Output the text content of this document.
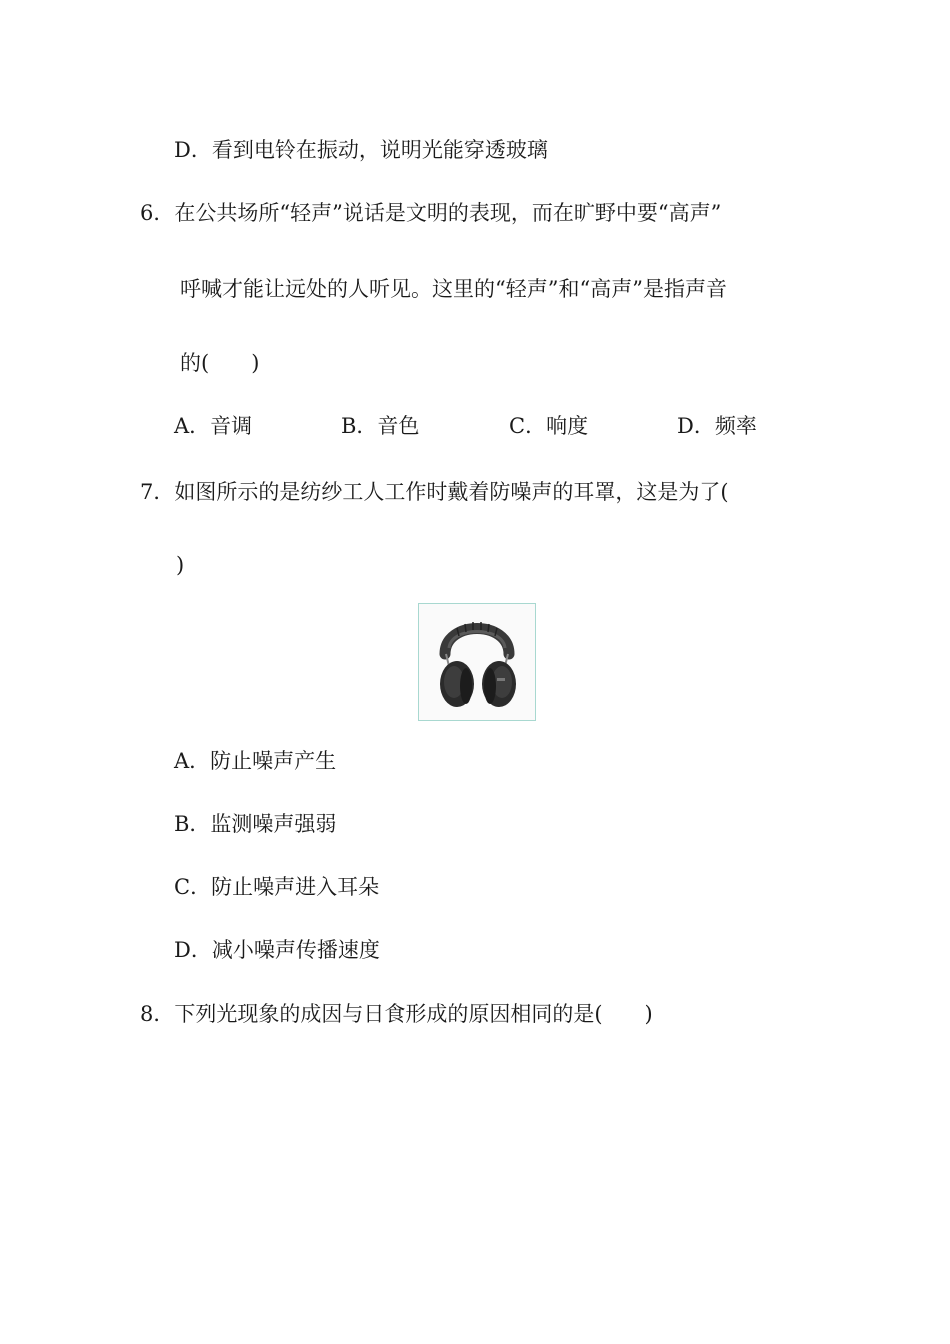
D．看到电铃在振动，说明光能穿透玻璃
6．在公共场所“轻声”说话是文明的表现，而在旷野中要“高声”
呼喊才能让远处的人听见。这里的“轻声”和“高声”是指声音
的(　　)
A．音调	B．音色	C．响度	D．频率
7．如图所示的是纺纱工人工作时戴着防噪声的耳罩，这是为了(
)
A．防止噪声产生
B．监测噪声强弱
C．防止噪声进入耳朵
D．减小噪声传播速度
8．下列光现象的成因与日食形成的原因相同的是(　　)
